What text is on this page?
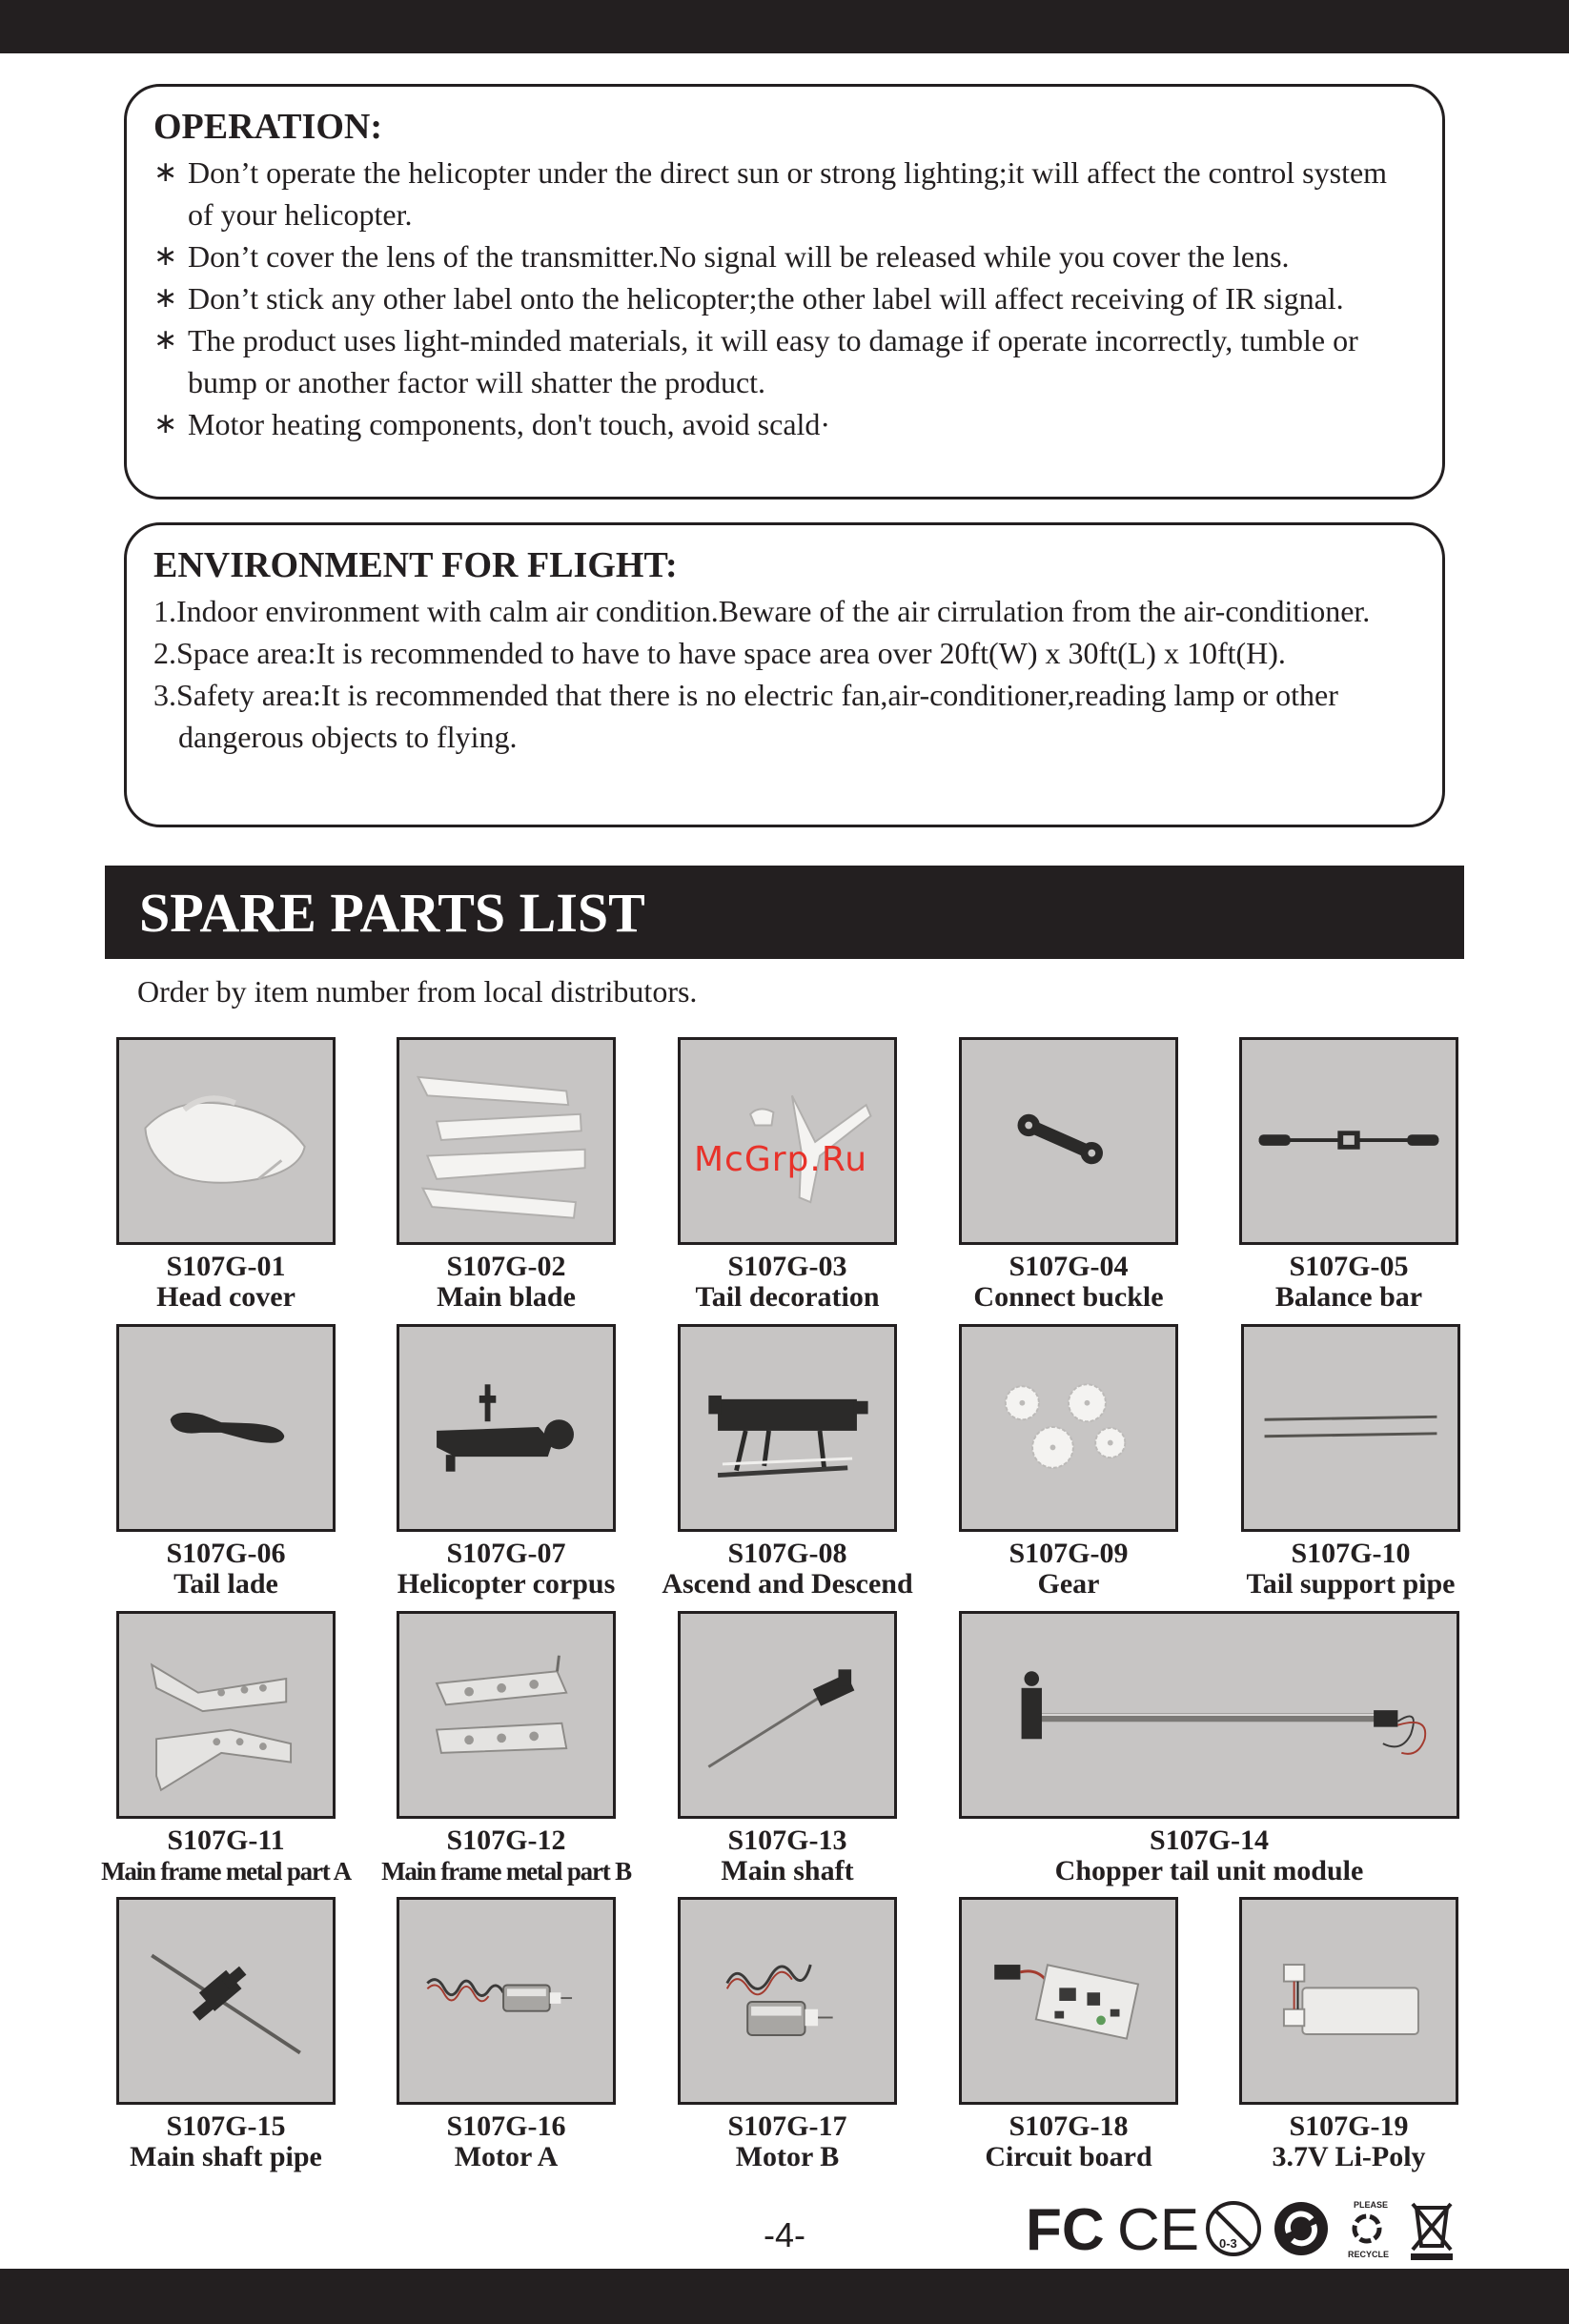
OPERATION:

∗ Don’t operate the helicopter under the direct sun or strong lighting;it will affect the control system of your helicopter.

∗ Don’t cover the lens of the transmitter.No signal will be released while you cover the lens.

∗ Don’t stick any other label onto the helicopter;the other label will affect receiving of IR signal.

∗ The product uses light-minded materials, it will easy to damage if operate incorrectly, tumble or bump or another factor will shatter the product.

∗ Motor heating components, don't touch, avoid scald·

ENVIRONMENT FOR FLIGHT:

1.Indoor environment with calm air condition.Beware of the air cirrulation from the air-conditioner.

2.Space area:It is recommended to have to have space area over 20ft(W) x 30ft(L) x 10ft(H).

3.Safety area:It is recommended that there is no electric fan,air-conditioner,reading lamp or other dangerous objects to flying.

SPARE PARTS LIST
Order by item number from local distributors.
S107G-01
Head cover
S107G-02
Main blade
S107G-03
Tail decoration
S107G-04
Connect buckle
S107G-05
Balance bar
S107G-06
Tail lade
S107G-07
Helicopter corpus
S107G-08
Ascend and Descend
S107G-09
Gear
S107G-10
Tail support pipe
S107G-11
Main frame metal part A
S107G-12
Main frame metal part B
S107G-13
Main shaft
S107G-14
Chopper tail unit module
S107G-15
Main shaft pipe
S107G-16
Motor A
S107G-17
Motor B
S107G-18
Circuit board
S107G-19
3.7V Li-Poly
McGrp.Ru
-4-	FC CE 0-3
PLEASE
RECYCLE
